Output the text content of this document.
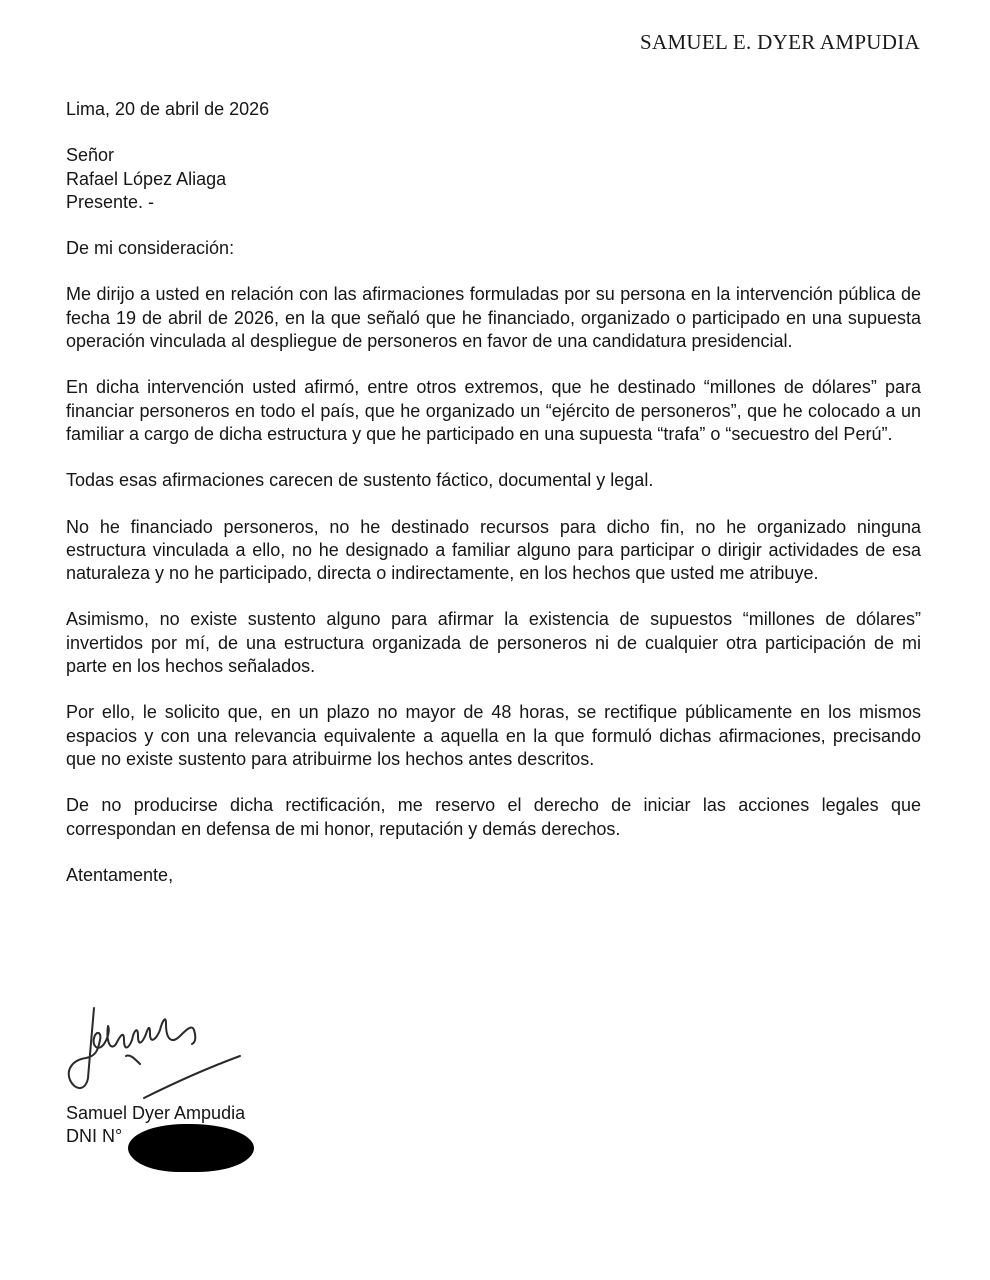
SAMUEL E. DYER AMPUDIA
Lima, 20 de abril de 2026
Señor
Rafael López Aliaga
Presente. -
De mi consideración:

Me dirijo a usted en relación con las afirmaciones formuladas por su persona en la intervención pública de fecha 19 de abril de 2026, en la que señaló que he financiado, organizado o participado en una supuesta operación vinculada al despliegue de personeros en favor de una candidatura presidencial.

En dicha intervención usted afirmó, entre otros extremos, que he destinado “millones de dólares” para financiar personeros en todo el país, que he organizado un “ejército de personeros”, que he colocado a un familiar a cargo de dicha estructura y que he participado en una supuesta “trafa” o “secuestro del Perú”.

Todas esas afirmaciones carecen de sustento fáctico, documental y legal.

No he financiado personeros, no he destinado recursos para dicho fin, no he organizado ninguna estructura vinculada a ello, no he designado a familiar alguno para participar o dirigir actividades de esa naturaleza y no he participado, directa o indirectamente, en los hechos que usted me atribuye.

Asimismo, no existe sustento alguno para afirmar la existencia de supuestos “millones de dólares” invertidos por mí, de una estructura organizada de personeros ni de cualquier otra participación de mi parte en los hechos señalados.

Por ello, le solicito que, en un plazo no mayor de 48 horas, se rectifique públicamente en los mismos espacios y con una relevancia equivalente a aquella en la que formuló dichas afirmaciones, precisando que no existe sustento para atribuirme los hechos antes descritos.

De no producirse dicha rectificación, me reservo el derecho de iniciar las acciones legales que correspondan en defensa de mi honor, reputación y demás derechos.

Atentamente,
Samuel Dyer Ampudia
DNI N°
